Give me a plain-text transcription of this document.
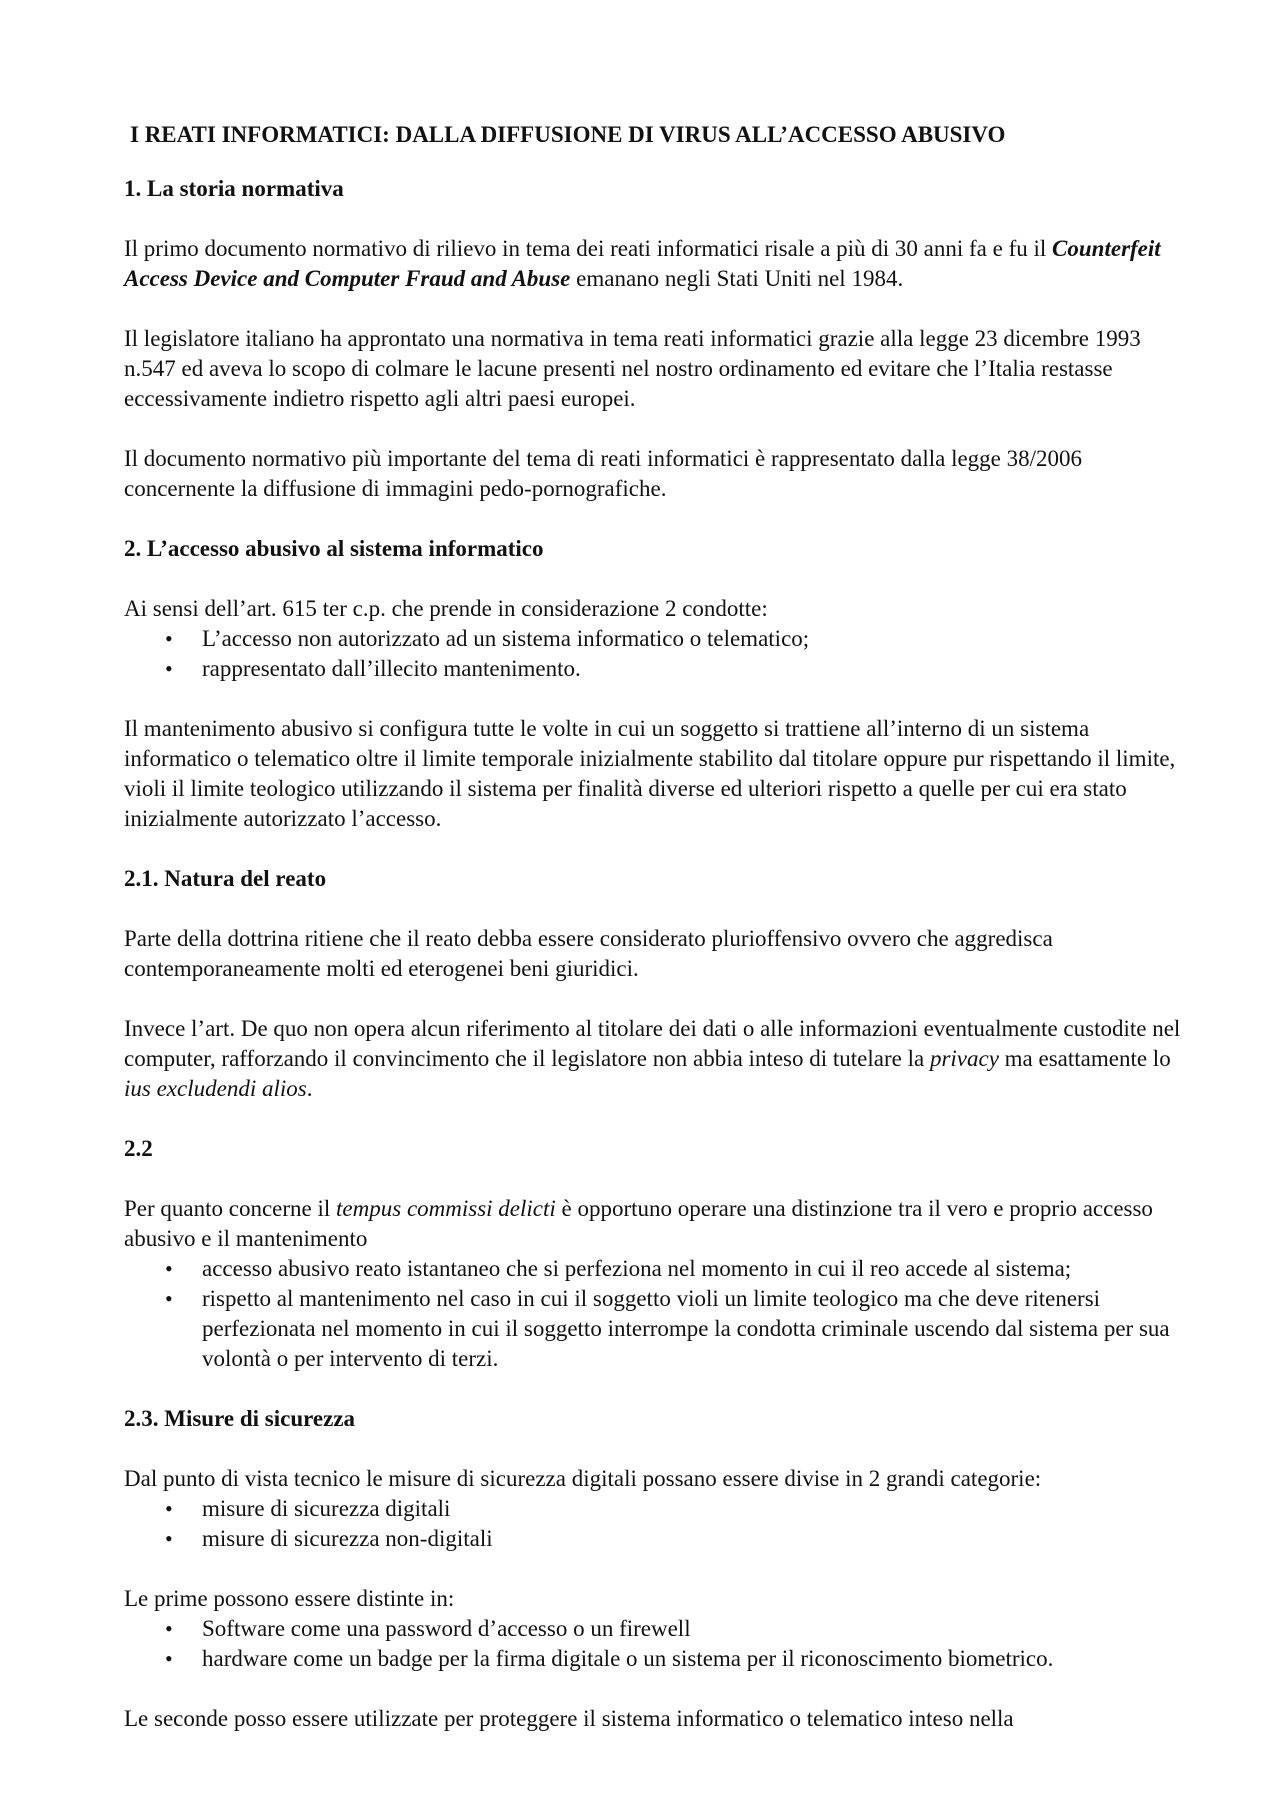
I REATI INFORMATICI: DALLA DIFFUSIONE DI VIRUS ALL’ACCESSO ABUSIVO
1. La storia normativa

Il primo documento normativo di rilievo in tema dei reati informatici risale a più di 30 anni fa e fu il Counterfeit Access Device and Computer Fraud and Abuse emanano negli Stati Uniti nel 1984.

Il legislatore italiano ha approntato una normativa in tema reati informatici grazie alla legge 23 dicembre 1993 n.547 ed aveva lo scopo di colmare le lacune presenti nel nostro ordinamento ed evitare che l’Italia restasse eccessivamente indietro rispetto agli altri paesi europei.

Il documento normativo più importante del tema di reati informatici è rappresentato dalla legge 38/2006 concernente la diffusione di immagini pedo-pornografiche.

2. L’accesso abusivo al sistema informatico

Ai sensi dell’art. 615 ter c.p. che prende in considerazione 2 condotte:

• L’accesso non autorizzato ad un sistema informatico o telematico;
• rappresentato dall’illecito mantenimento.

Il mantenimento abusivo si configura tutte le volte in cui un soggetto si trattiene all’interno di un sistema informatico o telematico oltre il limite temporale inizialmente stabilito dal titolare oppure pur rispettando il limite, violi il limite teologico utilizzando il sistema per finalità diverse ed ulteriori rispetto a quelle per cui era stato inizialmente autorizzato l’accesso.

2.1. Natura del reato

Parte della dottrina ritiene che il reato debba essere considerato plurioffensivo ovvero che aggredisca contemporaneamente molti ed eterogenei beni giuridici.

Invece l’art. De quo non opera alcun riferimento al titolare dei dati o alle informazioni eventualmente custodite nel computer, rafforzando il convincimento che il legislatore non abbia inteso di tutelare la privacy ma esattamente lo ius excludendi alios.

2.2

Per quanto concerne il tempus commissi delicti è opportuno operare una distinzione tra il vero e proprio accesso abusivo e il mantenimento

• accesso abusivo reato istantaneo che si perfeziona nel momento in cui il reo accede al sistema;
• rispetto al mantenimento nel caso in cui il soggetto violi un limite teologico ma che deve ritenersi perfezionata nel momento in cui il soggetto interrompe la condotta criminale uscendo dal sistema per sua volontà o per intervento di terzi.
2.3. Misure di sicurezza

Dal punto di vista tecnico le misure di sicurezza digitali possano essere divise in 2 grandi categorie:

• misure di sicurezza digitali
• misure di sicurezza non-digitali

Le prime possono essere distinte in:

• Software come una password d’accesso o un firewell
• hardware come un badge per la firma digitale o un sistema per il riconoscimento biometrico.

Le seconde posso essere utilizzate per proteggere il sistema informatico o telematico inteso nella
